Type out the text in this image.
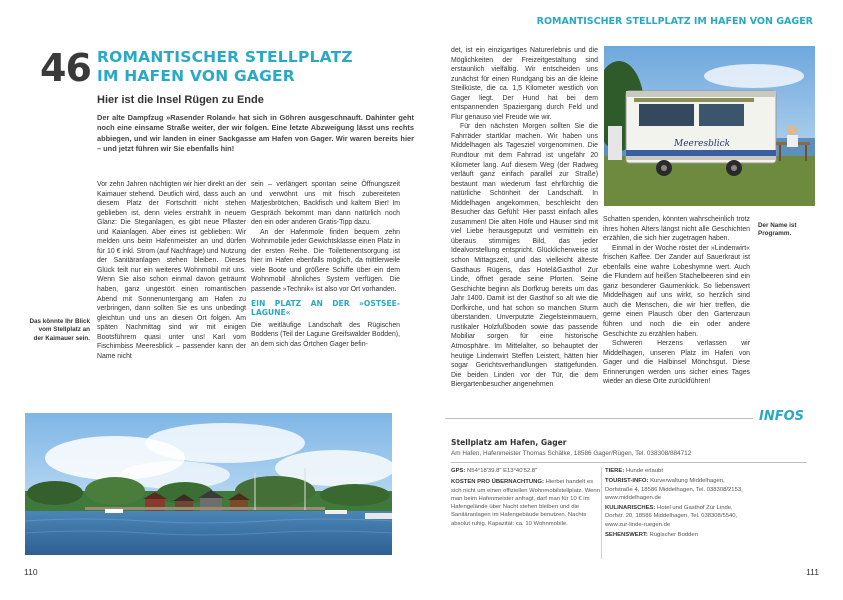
ROMANTISCHER STELLPLATZ IM HAFEN VON GAGER
46 ROMANTISCHER STELLPLATZ
IM HAFEN VON GAGER
Hier ist die Insel Rügen zu Ende
Der alte Dampfzug »Rasender Roland« hat sich in Göhren ausgeschnauft. Dahinter geht noch eine einsame Straße weiter, der wir folgen. Eine letzte Abzweigung lässt uns rechts abbiegen, und wir landen in einer Sackgasse am Hafen von Gager. Wir waren bereits hier – und jetzt führen wir Sie ebenfalls hin!

Vor zehn Jahren nächtigten wir hier direkt an der Kaimauer stehend. Deutlich wird, dass auch an diesem Platz der Fortschritt nicht stehen geblieben ist, denn vieles erstrahlt in neuem Glanz: Die Steganlagen, es gibt neue Pflaster und Kaianlagen. Aber eines ist geblieben: Wir melden uns beim Hafenmeister an und dürfen für 10 € inkl. Strom (auf Nachfrage) und Nutzung der Sanitäranlagen stehen bleiben. Dieses Glück teilt nur ein weiteres Wohnmobil mit uns. Wenn Sie also schon einmal davon geträumt haben, ganz ungestört einen romantischen Abend mit Sonnenuntergang am Hafen zu verbringen, dann sollten Sie es uns unbedingt gleichtun und uns an diesen Ort folgen. Am späten Nachmittag sind wir mit einigen Bootsführern quasi unter uns! Karl vom Fischimbiss Meeresblick – passender kann der Name nicht

sein – verlängert spontan seine Öffnungszeit und verwöhnt uns mit frisch zubereiteten Matjesbrötchen, Backfisch und kaltem Bier! Im Gespräch bekommt man dann natürlich noch den ein oder anderen Gratis-Tipp dazu.

An der Hafenmole finden bequem zehn Wohnmobile jeder Gewichtsklasse einen Platz in der ersten Reihe. Die Toilettenentsorgung ist hier im Hafen ebenfalls möglich, da mittlerweile viele Boote und größere Schiffe über ein dem Wohnmobil ähnliches System verfügen. Die passende »Technik« ist also vor Ort vorhanden.

EIN PLATZ AN DER »OSTSEE-LAGUNE«

Die weitläufige Landschaft des Rügischen Boddens (Teil der Lagune Greifswalder Bodden), an dem sich das Örtchen Gager befin-

Das könnte Ihr Blick vom Stellplatz an der Kaimauer sein.
110

det, ist ein einzigartiges Naturerlebnis und die Möglichkeiten der Freizeitgestaltung sind erstaunlich vielfältig. Wir entscheiden uns zunächst für einen Rundgang bis an die kleine Steilküste, die ca. 1,5 Kilometer westlich von Gager liegt. Der Hund hat bei dem entspannenden Spaziergang durch Feld und Flur genauso viel Freude wie wir.

Für den nächsten Morgen sollten Sie die Fahrräder startklar machen. Wir haben uns Middelhagen als Tagesziel vorgenommen. Die Rundtour mit dem Fahrrad ist ungefähr 20 Kilometer lang. Auf diesem Weg (der Radweg verläuft ganz einfach parallel zur Straße) bestaunt man wiederum fast ehrfürchtig die natürliche Schönheit der Landschaft. In Middelhagen angekommen, beschleicht den Besucher das Gefühl: Hier passt einfach alles zusammen! Die alten Höfe und Häuser sind mit viel Liebe herausgeputzt und vermitteln ein überaus stimmiges Bild, das jeder Idealvorstellung entspricht. Glücklicherweise ist schon Mittagszeit, und das vielleicht älteste Gasthaus Rügens, das Hotel&Gasthof Zur Linde, öffnet gerade seine Pforten. Seine Geschichte beginn als Dorfkrug bereits um das Jahr 1400. Damit ist der Gasthof so alt wie die Dorfkirche, und hat schon so manchen Sturm überstanden. Unverputzte Ziegelsteinmauern, rustikaler Holzfußboden sowie das passende Mobiliar sorgen für eine historische Atmosphäre. Im Mittelalter, so behauptet der heutige Lindenwirt Steffen Leistert, hätten hier sogar Gerichtsverhandlungen stattgefunden. Die beiden Linden vor der Tür, die dem Biergartenbesucher angenehmen

Meeresblick
Der Name ist Programm.

Schatten spenden, könnten wahrscheinlich trotz ihres hohen Alters längst nicht alle Geschichten erzählen, die sich hier zugetragen haben.

Einmal in der Woche röstet der »Lindenwirt« frischen Kaffee. Der Zander auf Sauerkraut ist ebenfalls eine wahre Lobeshymne wert. Auch die Flundern auf heißen Stachelbeeren sind ein ganz besonderer Gaumenkick. So liebenswert Middelhagen auf uns wirkt, so herzlich sind auch die Menschen, die wir hier treffen, die gerne einen Plausch über den Gartenzaun führen und noch die ein oder andere Geschichte zu erzählen haben.

Schweren Herzens verlassen wir Middelhagen, unseren Platz im Hafen von Gager und die Halbinsel Mönchsgut. Diese Erinnerungen werden uns sicher eines Tages wieder an diese Orte zurückführen!

INFOS
Stellplatz am Hafen, Gager
Am Hafen, Hafenmeister Thomas Schälke, 18586 Gager/Rügen, Tel. 038308/884712
GPS: N54°18'39.8" E13°40'52.8"
KOSTEN PRO ÜBERNACHTUNG: Hierbei handelt es sich nicht um einen offiziellen Wohnmobilstellplatz. Wenn man beim Hafenmeister anfragt, darf man für 10 € im Hafengelände über Nacht stehen bleiben und die Sanitäranlagen im Hafengebäude benutzen. Nachts absolut ruhig. Kapazität: ca. 10 Wohnmobile.
TIERE: Hunde erlaubt
TOURIST-INFO: Kurverwaltung Middelhagen, Dorfstraße 4, 18586 Middelhagen, Tel. 038308/2153, www.middelhagen.de
KULINARISCHES: Hotel und Gasthof Zur Linde, Dorfstr. 20, 18586 Middelhagen, Tel. 038308/5540, www.zur-linde-ruegen.de
SEHENSWERT: Rügischer Bodden
111
